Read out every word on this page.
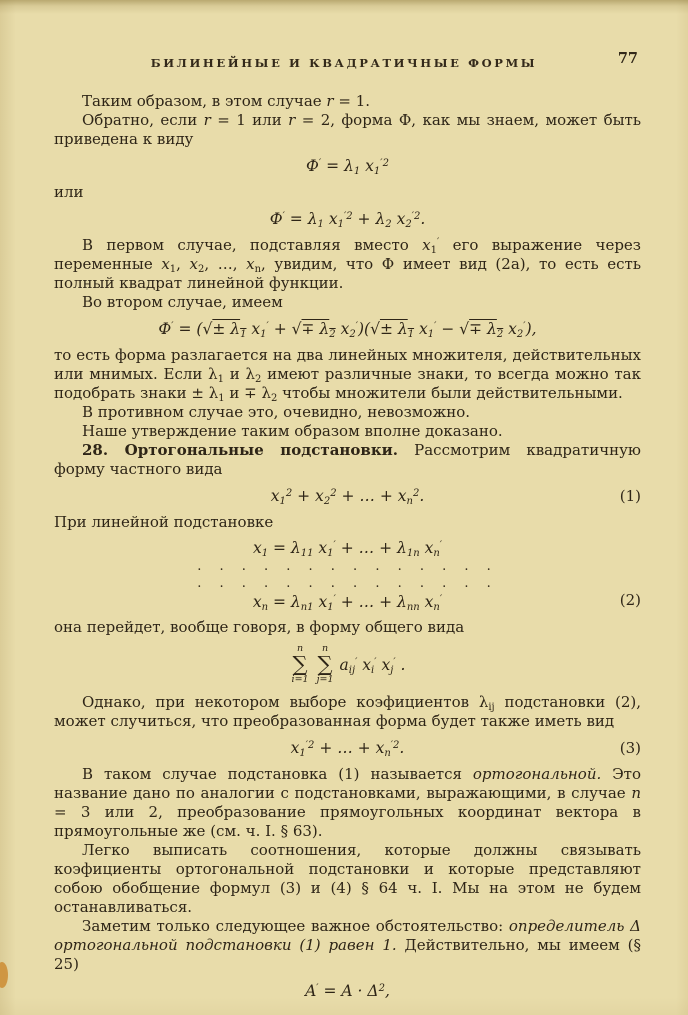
БИЛИНЕЙНЫЕ И КВАДРАТИЧНЫЕ ФОРМЫ	77

Таким образом, в этом случае r = 1.

Обратно, если r = 1 или r = 2, форма Ф, как мы знаем, может быть приведена к виду

$Ф' = \lambda_1$ $x_1^{'2}$

или

$Ф' = \lambda_1$ $x_1^{'2} + \lambda_2$ $x_2^{'2}$.

В первом случае, подставляя вместо $x_1'$ его выражение через переменные $x_1$, $x_2$, …, $x_n$, увидим, что Ф имеет вид (2а), то есть есть полный квадрат линейной функции.

Во втором случае, имеем

Ф′ = (√± $\lambda_1$ $x_1'$ + √∓ $\lambda_2$ $x_2')(√\pm \lambda_1$ $x_1'$ − √∓ $\lambda_2$ $x_2'$),

то есть форма разлагается на два линейных множителя, действительных или мнимых. Если $\lambda_1$ и $\lambda_2$ имеют различные знаки, то всегда можно так подобрать знаки ± $\lambda_1$ $и \mp \lambda_2$ чтобы множители были действительными.

В противном случае это, очевидно, невозможно.

Наше утверждение таким образом вполне доказано.

28. Ортогональные подстановки. Рассмотрим квадратичную форму частного вида

$x_1^2 + x_2^2$ + … + $x_n^2$.	(1)

При линейной подстановке

$x_1 = \lambda_{11}$ $x_1'$ + … + $\lambda_{1n}$ $x_n'$
. . . . . . . . . . . . . .
. . . . . . . . . . . . . .
$x_n = \lambda_{n1}$ $x_1'$ + … + $\lambda_{nn}$ $x_n'$	(2)

она перейдет, вообще говоря, в форму общего вида

n
∑
i=1
n
∑
j=1
$a_{ij}'$ $x_i'$ $x_j'$ .

Однако, при некотором выборе коэфициентов $\lambda_{ij}$ подстановки (2), может случиться, что преобразованная форма будет также иметь вид

$x_1^{'2}$ + … + $x_n^{'2}$.	(3)

В таком случае подстановка (1) называется ортогональной. Это название дано по аналогии с подстановками, выражающими, в случае n = 3 или 2, преобразование прямоугольных координат вектора в прямоугольные же (см. ч. I. § 63).

Легко выписать соотношения, которые должны связывать коэфициенты ортогональной подстановки и которые представляют собою обобщение формул (3) и (4) § 64 ч. I. Мы на этом не будем останавливаться.

Заметим только следующее важное обстоятельство: определитель Δ ортогональной подстановки (1) равен 1. Действительно, мы имеем (§ 25)

$A' = A \cdot \Delta^2$,
